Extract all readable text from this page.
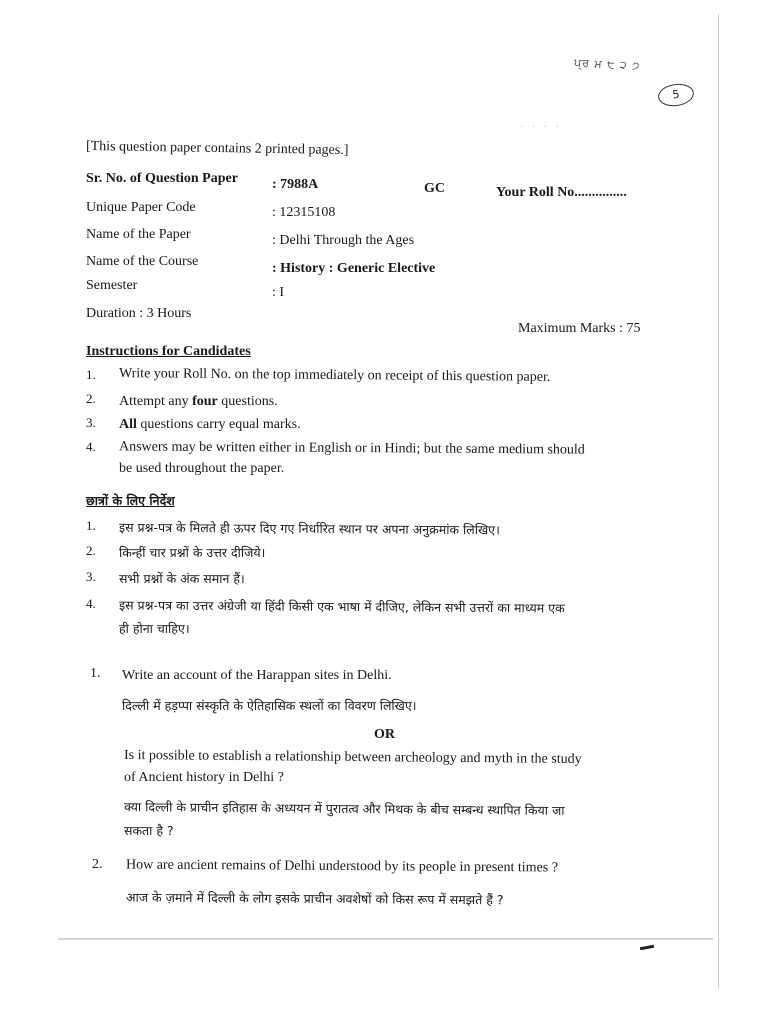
ਪ੍ਰ ਮ ੮ ੨ ੭
5
· · · ·
[This question paper contains 2 printed pages.]
Sr. No. of Question Paper : 7988A	GC	Your Roll No...............
Unique Paper Code	: 12315108
Name of the Paper	: Delhi Through the Ages
Name of the Course	: History : Generic Elective
Semester	: I
Duration : 3 Hours
Maximum Marks : 75
Instructions for Candidates
1. Write your Roll No. on the top immediately on receipt of this question paper.
2. Attempt any four questions.
3. All questions carry equal marks.
4. Answers may be written either in English or in Hindi; but the same medium should
be used throughout the paper.
छात्रों के लिए निर्देश
1. इस प्रश्न-पत्र के मिलते ही ऊपर दिए गए निर्धारित स्थान पर अपना अनुक्रमांक लिखिए।
2. किन्हीं चार प्रश्नों के उत्तर दीजिये।
3. सभी प्रश्नों के अंक समान हैं।
4. इस प्रश्न-पत्र का उत्तर अंग्रेजी या हिंदी किसी एक भाषा में दीजिए, लेकिन सभी उत्तरों का माध्यम एक
ही होना चाहिए।
1. Write an account of the Harappan sites in Delhi.
दिल्ली में हड़प्पा संस्कृति के ऐतिहासिक स्थलों का विवरण लिखिए।
OR
Is it possible to establish a relationship between archeology and myth in the study
of Ancient history in Delhi ?
क्या दिल्ली के प्राचीन इतिहास के अध्ययन में पुरातत्व और मिथक के बीच सम्बन्ध स्थापित किया जा
सकता है ?
2. How are ancient remains of Delhi understood by its people in present times ?
आज के ज़माने में दिल्ली के लोग इसके प्राचीन अवशेषों को किस रूप में समझते हैं ?
